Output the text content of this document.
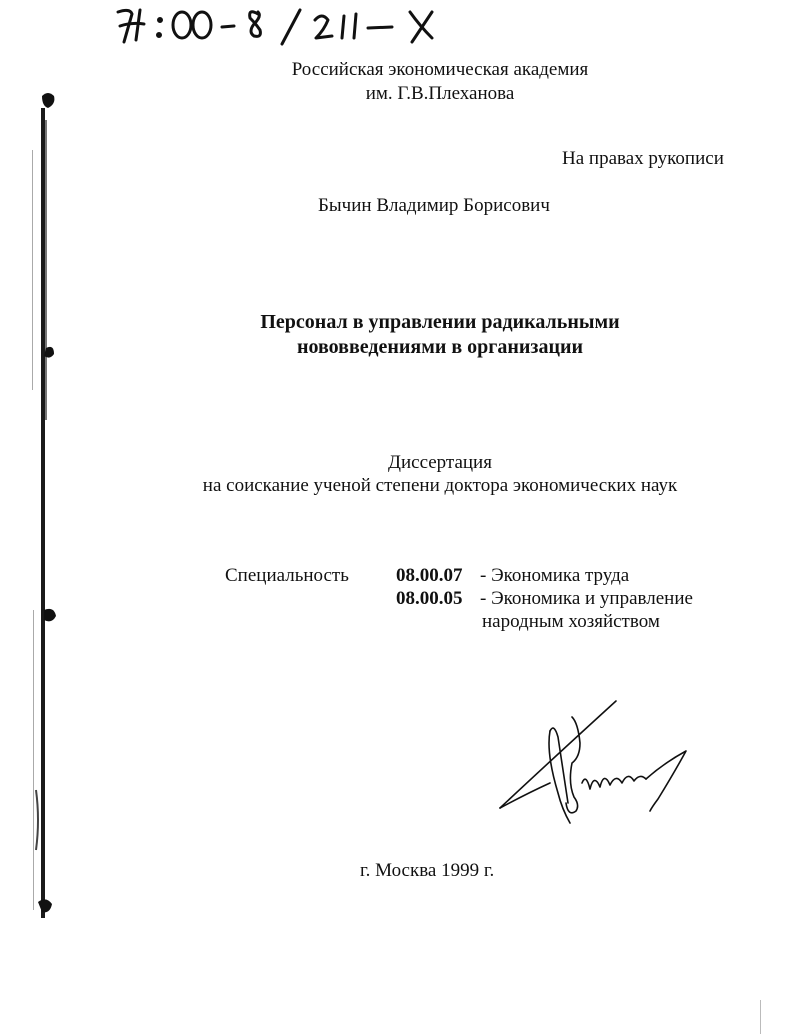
Российская экономическая академия
им. Г.В.Плеханова
На правах рукописи
Бычин Владимир Борисович
Персонал в управлении радикальными
нововведениями в организации
Диссертация
на соискание ученой степени доктора экономических наук
Специальность 08.00.07
08.00.05
- Экономика труда
- Экономика и управление
народным хозяйством
г. Москва 1999 г.
